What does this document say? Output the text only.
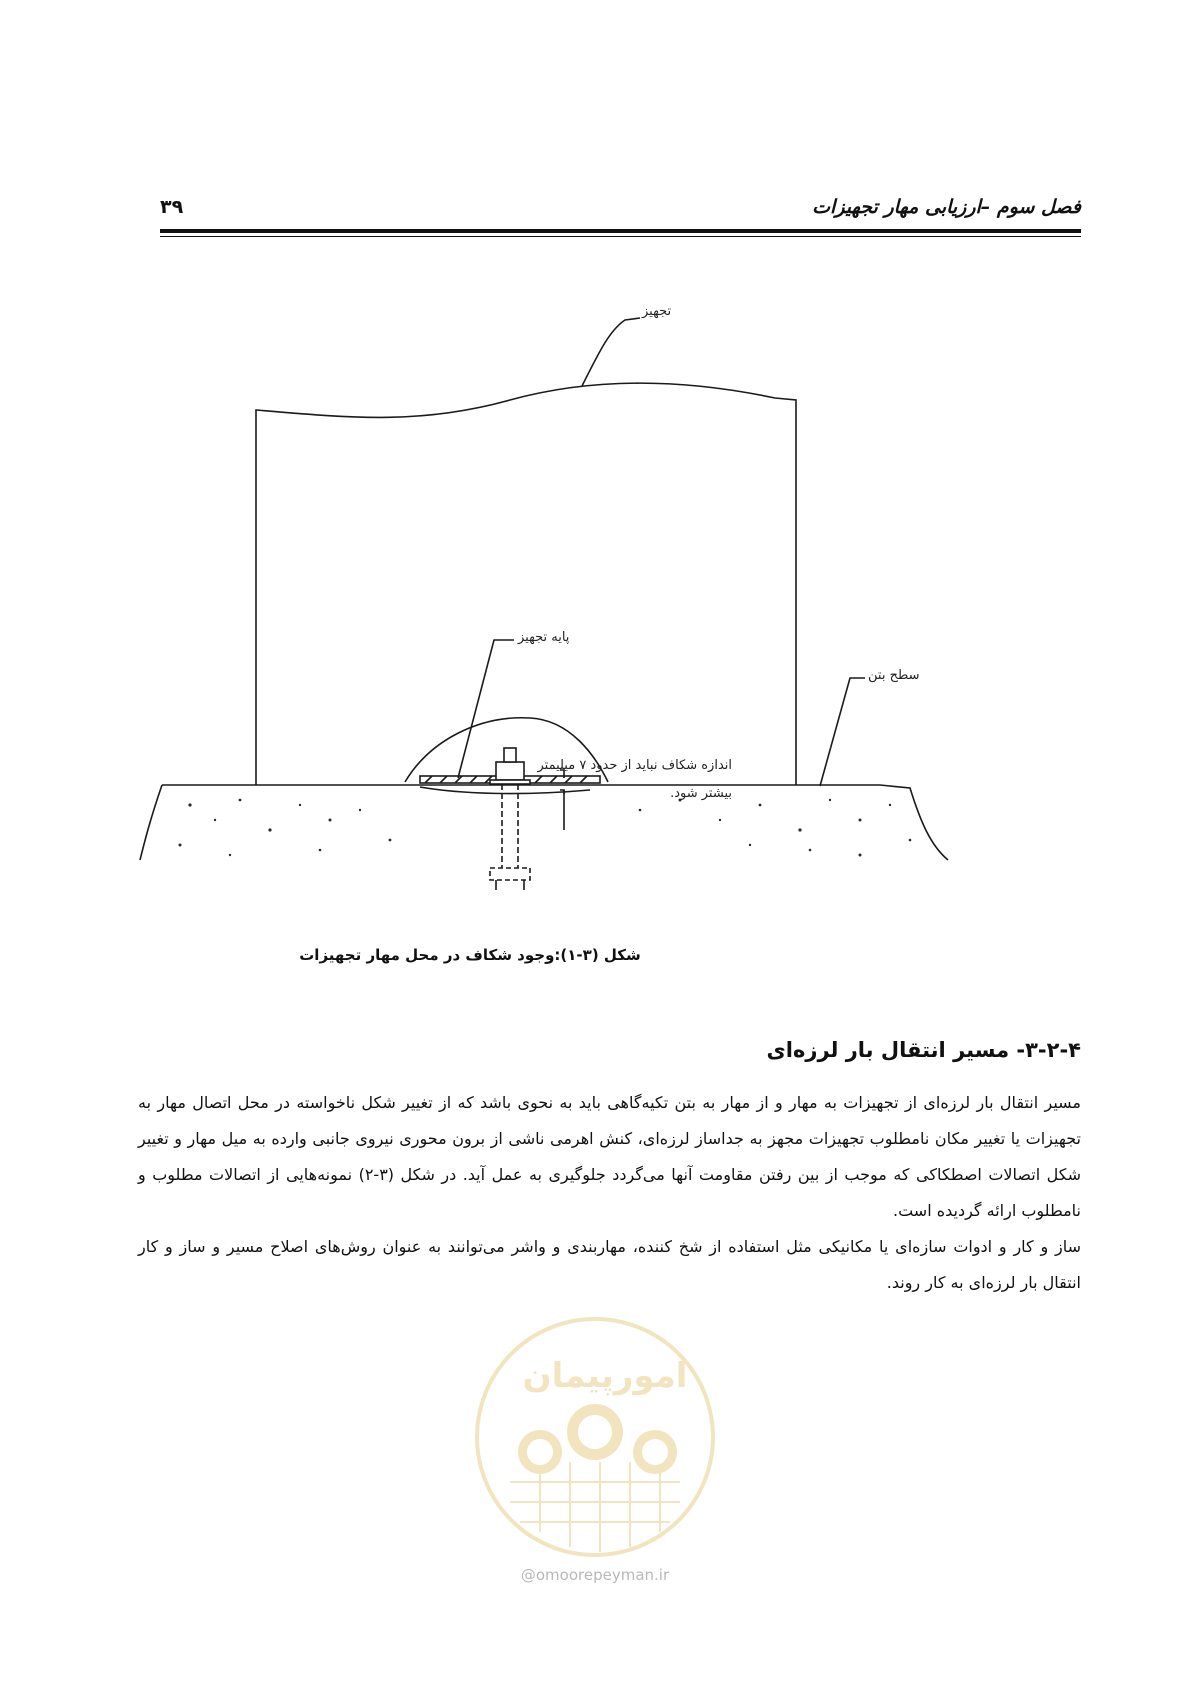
فصل سوم –ارزیابی مهار تجهیزات
۳۹
تجهیز
پایه تجهیز
سطح بتن
اندازه شکاف نباید از حدود ۷ میلیمتر
بیشتر شود.
شکل (۳-۱):وجود شکاف در محل مهار تجهیزات
۳-۲-۴- مسیر انتقال بار لرزه‌ای

مسیر انتقال بار لرزه‌ای از تجهیزات به مهار و از مهار به بتن تکیه‌گاهی باید به نحوی باشد که از تغییر شکل ناخواسته در محل اتصال مهار به تجهیزات یا تغییر مکان نامطلوب تجهیزات مجهز به جداساز لرزه‌ای، کنش اهرمی ناشی از برون محوری نیروی جانبی وارده به میل مهار و تغییر شکل اتصالات اصطکاکی که موجب از بین رفتن مقاومت آنها می‌گردد جلوگیری به عمل آید. در شکل (۳-۲) نمونه‌هایی از اتصالات مطلوب و نامطلوب ارائه گردیده است.

ساز و کار و ادوات سازه‌ای یا مکانیکی مثل استفاده از شخ کننده، مهاربندی و واشر می‌توانند به عنوان روش‌های اصلاح مسیر و ساز و کار انتقال بار لرزه‌ای به کار روند.

امورپیمان
@omoorepeyman.ir
